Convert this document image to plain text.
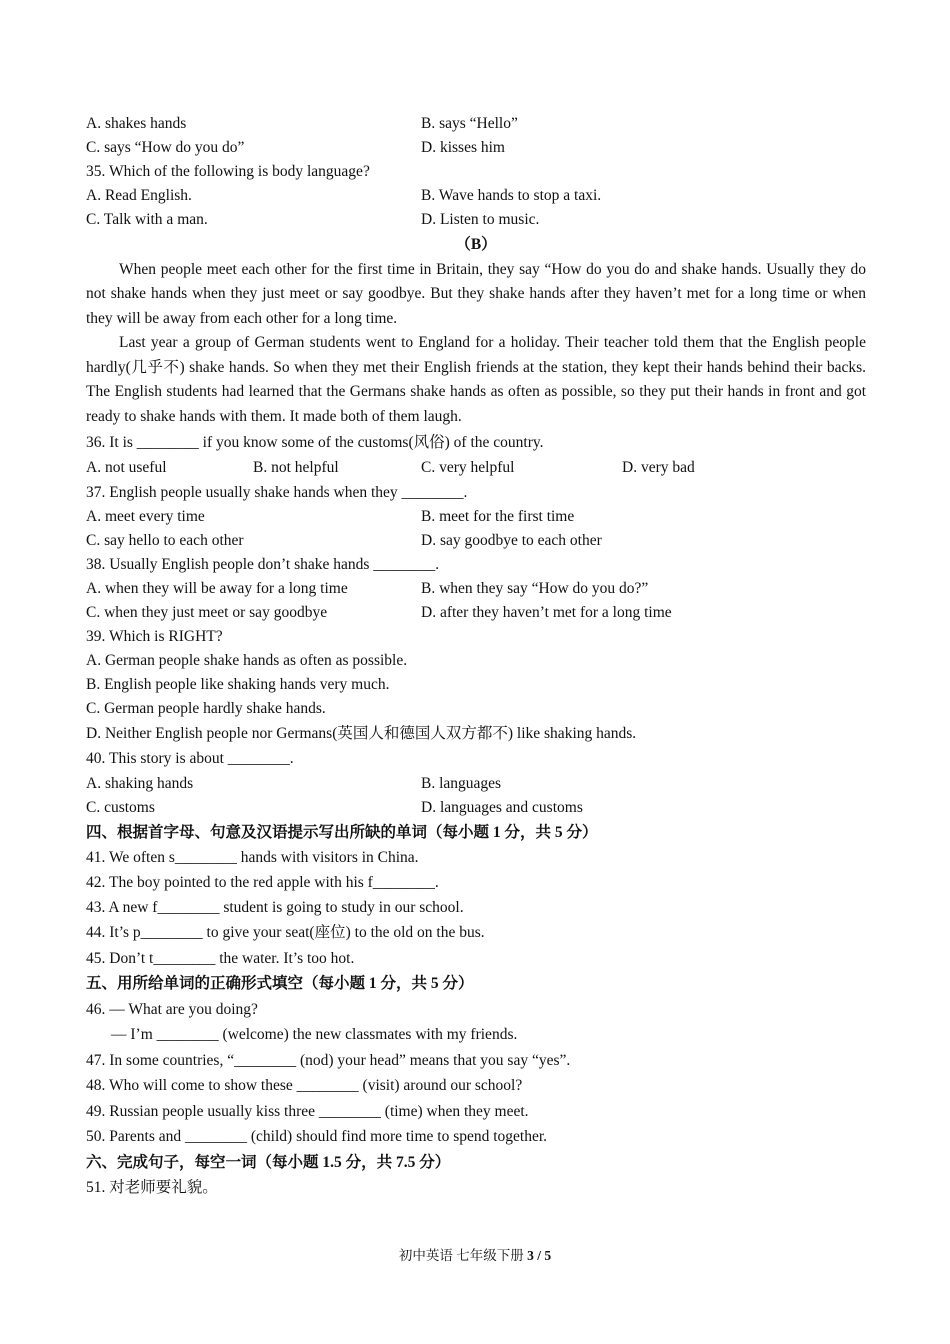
A. shakes hands	B. says “Hello”
C. says “How do you do”	D. kisses him
35. Which of the following is body language?
A. Read English.	B. Wave hands to stop a taxi.
C. Talk with a man.	D. Listen to music.
（B）

When people meet each other for the first time in Britain, they say “How do you do and shake hands. Usually they do not shake hands when they just meet or say goodbye. But they shake hands after they haven’t met for a long time or when they will be away from each other for a long time.

Last year a group of German students went to England for a holiday. Their teacher told them that the English people hardly(几乎不) shake hands. So when they met their English friends at the station, they kept their hands behind their backs. The English students had learned that the Germans shake hands as often as possible, so they put their hands in front and got ready to shake hands with them. It made both of them laugh.

36. It is ________ if you know some of the customs(风俗) of the country.
A. not useful	B. not helpful	C. very helpful	D. very bad
37. English people usually shake hands when they ________.
A. meet every time	B. meet for the first time
C. say hello to each other	D. say goodbye to each other
38. Usually English people don’t shake hands ________.
A. when they will be away for a long time	B. when they say “How do you do?”
C. when they just meet or say goodbye	D. after they haven’t met for a long time
39. Which is RIGHT?
A. German people shake hands as often as possible.
B. English people like shaking hands very much.
C. German people hardly shake hands.
D. Neither English people nor Germans(英国人和德国人双方都不) like shaking hands.
40. This story is about ________.
A. shaking hands	B. languages
C. customs	D. languages and customs
四、根据首字母、句意及汉语提示写出所缺的单词（每小题 1 分，共 5 分）
41. We often s________ hands with visitors in China.
42. The boy pointed to the red apple with his f________.
43. A new f________ student is going to study in our school.
44. It’s p________ to give your seat(座位) to the old on the bus.
45. Don’t t________ the water. It’s too hot.
五、用所给单词的正确形式填空（每小题 1 分，共 5 分）
46. — What are you doing?
— I’m ________ (welcome) the new classmates with my friends.
47. In some countries, “________ (nod) your head” means that you say “yes”.
48. Who will come to show these ________ (visit) around our school?
49. Russian people usually kiss three ________ (time) when they meet.
50. Parents and ________ (child) should find more time to spend together.
六、完成句子，每空一词（每小题 1.5 分，共 7.5 分）
51. 对老师要礼貌。
初中英语 七年级下册 3 / 5
